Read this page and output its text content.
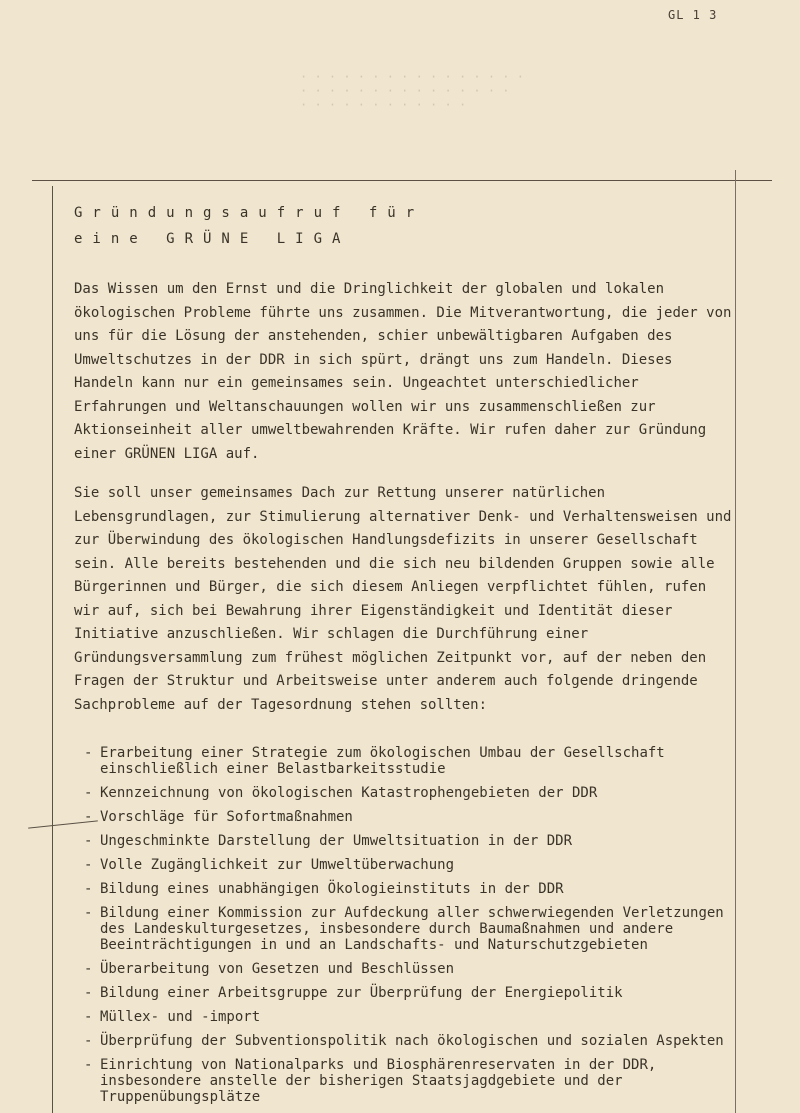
GL 1 3
· · · · · · · · · · · · · · · ·
· · · · · · · · · · · · · · ·
· · · · · · · · · · · ·
Gründungsaufruf für
eine GRÜNE LIGA

Das Wissen um den Ernst und die Dringlichkeit der globalen und lokalen ökologischen Probleme führte uns zusammen. Die Mitverantwortung, die jeder von uns für die Lösung der anstehenden, schier unbewältigbaren Aufgaben des Umweltschutzes in der DDR in sich spürt, drängt uns zum Handeln. Dieses Handeln kann nur ein gemeinsames sein. Ungeachtet unterschiedlicher Erfahrungen und Weltanschauungen wollen wir uns zusammenschließen zur Aktionseinheit aller umweltbewahrenden Kräfte. Wir rufen daher zur Gründung einer GRÜNEN LIGA auf.

Sie soll unser gemeinsames Dach zur Rettung unserer natürlichen Lebensgrundlagen, zur Stimulierung alternativer Denk- und Verhaltensweisen und zur Überwindung des ökologischen Handlungsdefizits in unserer Gesellschaft sein. Alle bereits bestehenden und die sich neu bildenden Gruppen sowie alle Bürgerinnen und Bürger, die sich diesem Anliegen verpflichtet fühlen, rufen wir auf, sich bei Bewahrung ihrer Eigenständigkeit und Identität dieser Initiative anzuschließen. Wir schlagen die Durchführung einer Gründungsversammlung zum frühest möglichen Zeitpunkt vor, auf der neben den Fragen der Struktur und Arbeitsweise unter anderem auch folgende dringende Sachprobleme auf der Tagesordnung stehen sollten:

- Erarbeitung einer Strategie zum ökologischen Umbau der Gesellschaft einschließlich einer Belastbarkeitsstudie
- Kennzeichnung von ökologischen Katastrophengebieten der DDR
- Vorschläge für Sofortmaßnahmen
- Ungeschminkte Darstellung der Umweltsituation in der DDR
- Volle Zugänglichkeit zur Umweltüberwachung
- Bildung eines unabhängigen Ökologieinstituts in der DDR
- Bildung einer Kommission zur Aufdeckung aller schwerwiegenden Verletzungen des Landeskulturgesetzes, insbesondere durch Baumaßnahmen und andere Beeinträchtigungen in und an Landschafts- und Naturschutzgebieten
- Überarbeitung von Gesetzen und Beschlüssen
- Bildung einer Arbeitsgruppe zur Überprüfung der Energiepolitik
- Müllex- und -import
- Überprüfung der Subventionspolitik nach ökologischen und sozialen Aspekten
- Einrichtung von Nationalparks und Biosphärenreservaten in der DDR, insbesondere anstelle der bisherigen Staatsjagdgebiete und der Truppenübungsplätze
